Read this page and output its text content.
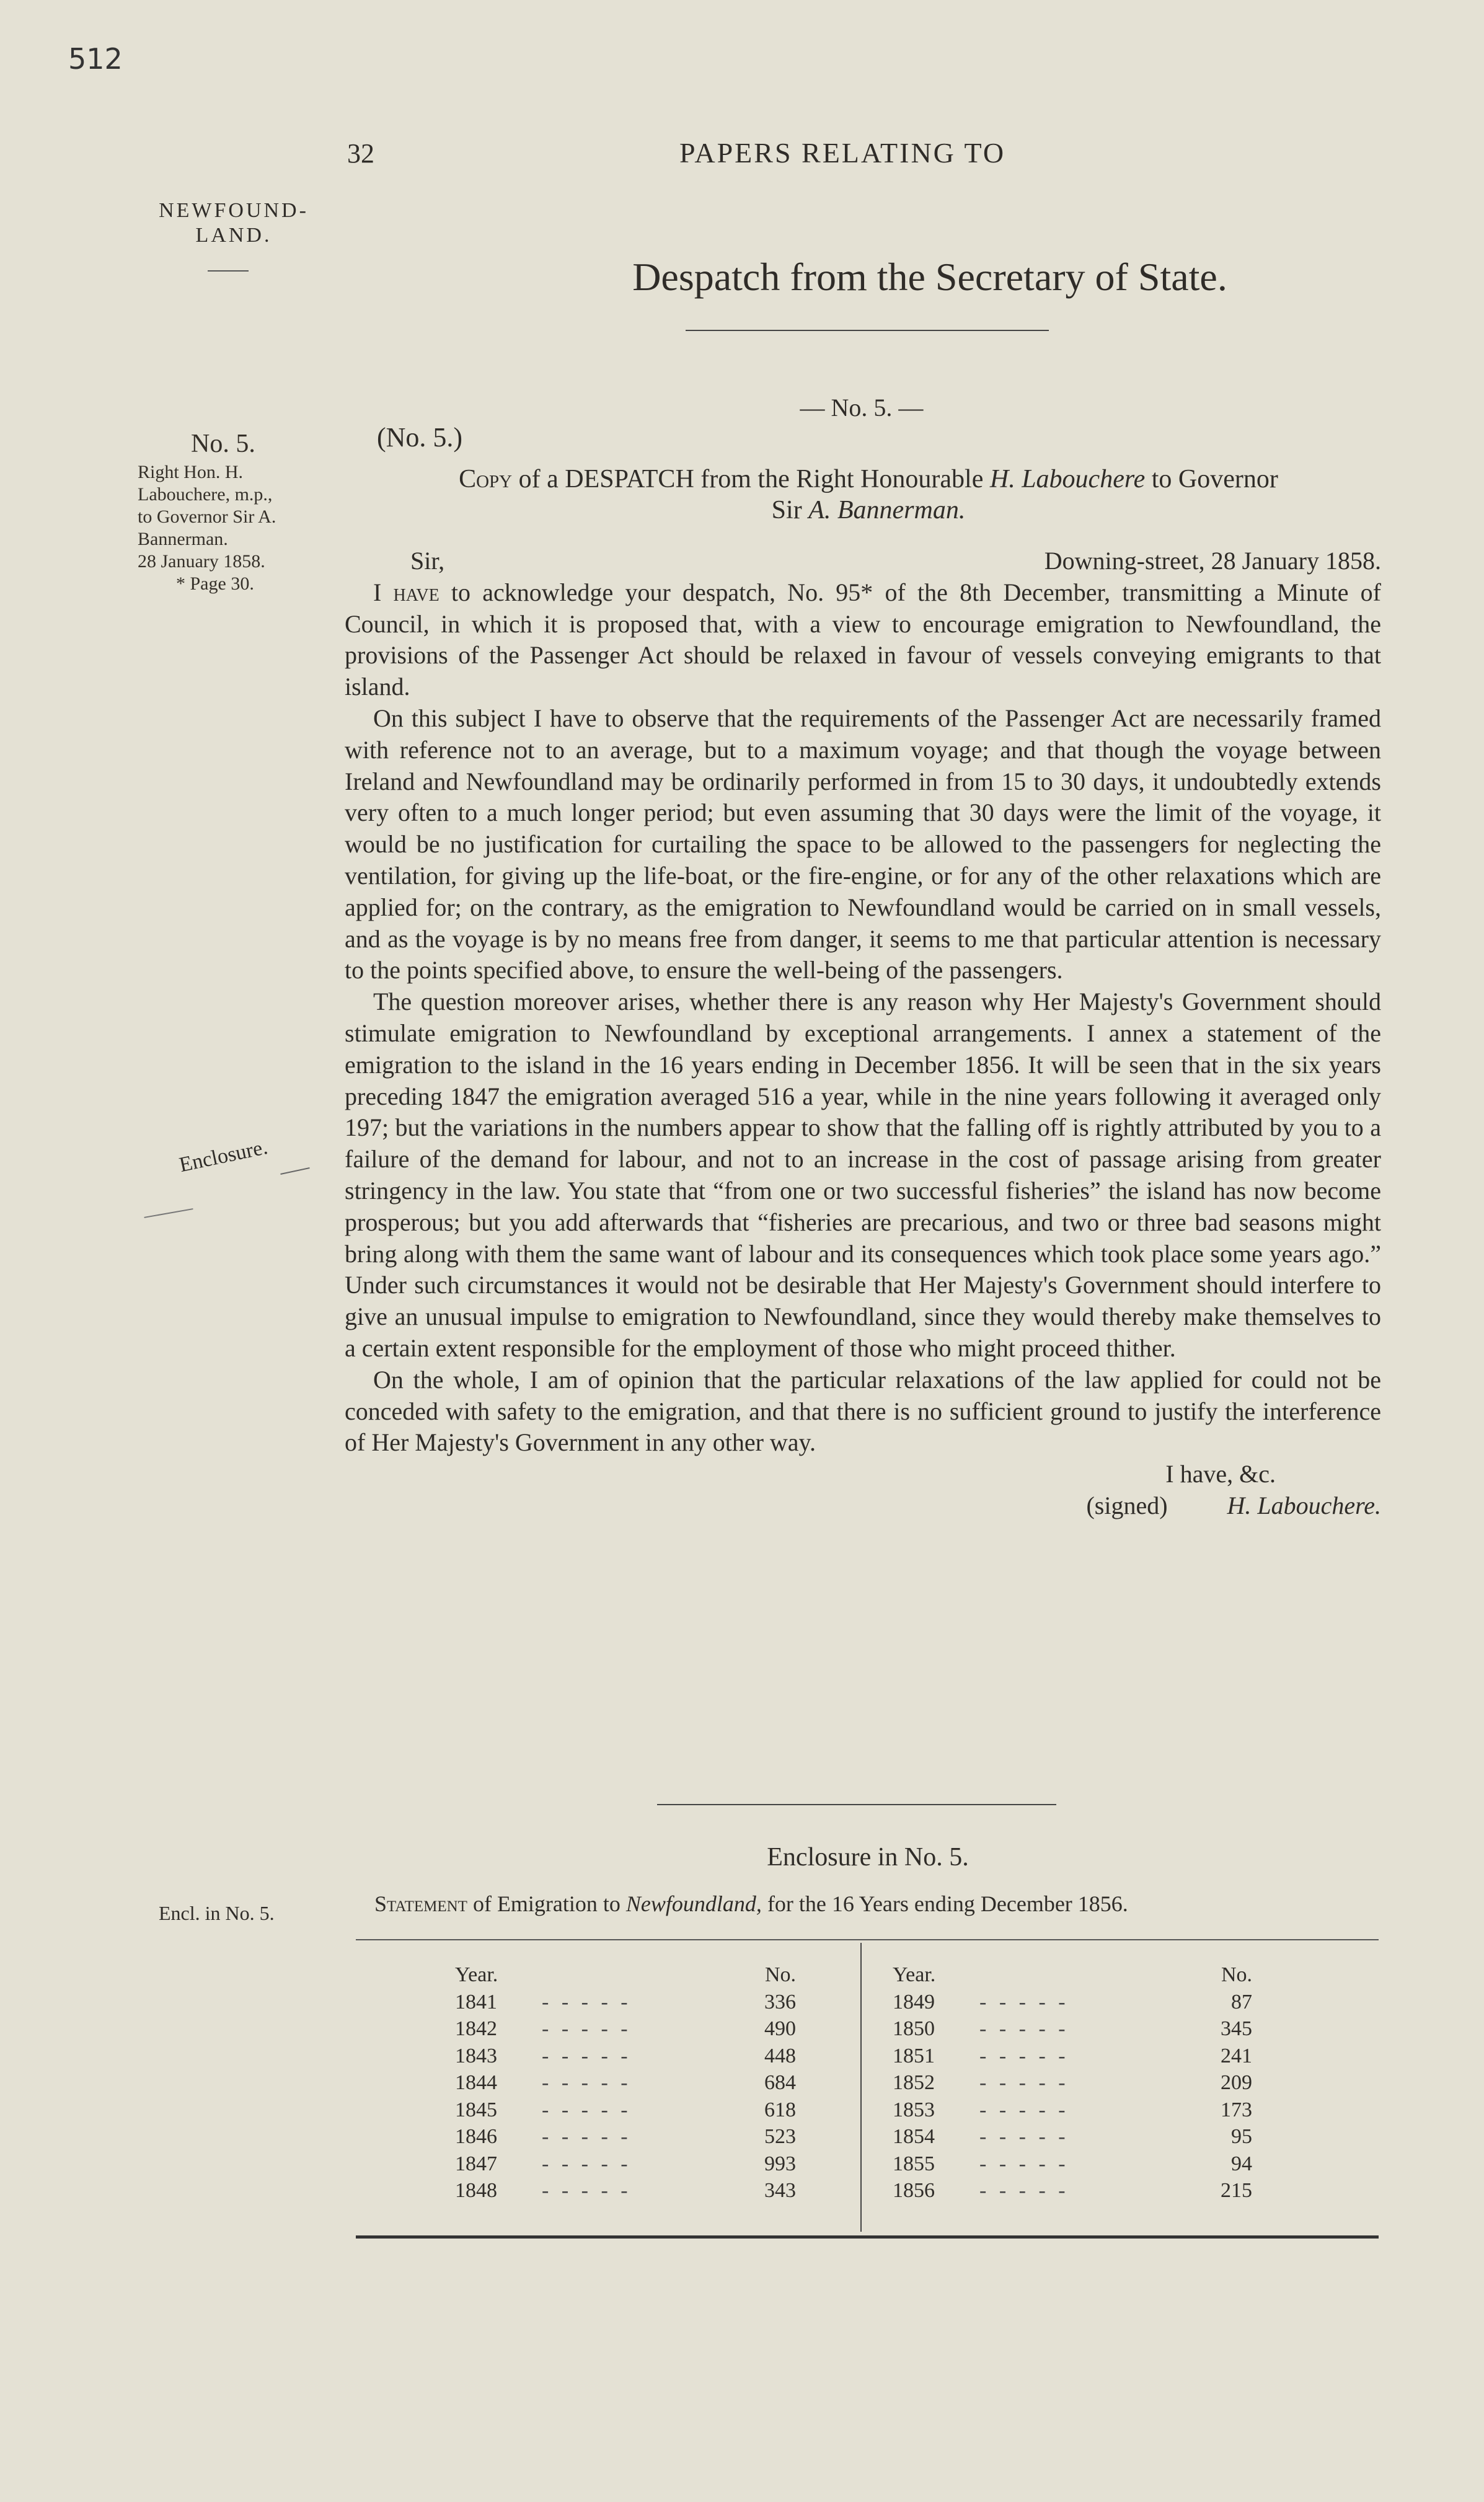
512
32	PAPERS RELATING TO
NEWFOUND-
LAND.
Despatch from the Secretary of State.
— No. 5. —
No. 5.
Right Hon. H.
Labouchere, m.p.,
to Governor Sir A.
Bannerman.
28 January 1858.
* Page 30.
Enclosure.
(No. 5.)
Copy of a DESPATCH from the Right Honourable H. Labouchere to Governor
Sir A. Bannerman.
Sir,	Downing-street, 28 January 1858.

I have to acknowledge your despatch, No. 95* of the 8th December, transmitting a Minute of Council, in which it is proposed that, with a view to encourage emigration to Newfoundland, the provisions of the Passenger Act should be relaxed in favour of vessels conveying emigrants to that island.

On this subject I have to observe that the requirements of the Passenger Act are necessarily framed with reference not to an average, but to a maximum voyage; and that though the voyage between Ireland and Newfoundland may be ordinarily performed in from 15 to 30 days, it undoubtedly extends very often to a much longer period; but even assuming that 30 days were the limit of the voyage, it would be no justification for curtailing the space to be allowed to the passengers for neglecting the ventilation, for giving up the life-boat, or the fire-engine, or for any of the other relaxations which are applied for; on the contrary, as the emigration to Newfoundland would be carried on in small vessels, and as the voyage is by no means free from danger, it seems to me that particular attention is necessary to the points specified above, to ensure the well-being of the passengers.

The question moreover arises, whether there is any reason why Her Majesty's Government should stimulate emigration to Newfoundland by exceptional arrangements. I annex a statement of the emigration to the island in the 16 years ending in December 1856. It will be seen that in the six years preceding 1847 the emigration averaged 516 a year, while in the nine years following it averaged only 197; but the variations in the numbers appear to show that the falling off is rightly attributed by you to a failure of the demand for labour, and not to an increase in the cost of passage arising from greater stringency in the law. You state that “from one or two successful fisheries” the island has now become prosperous; but you add afterwards that “fisheries are precarious, and two or three bad seasons might bring along with them the same want of labour and its consequences which took place some years ago.” Under such circumstances it would not be desirable that Her Majesty's Government should interfere to give an unusual impulse to emigration to Newfoundland, since they would thereby make themselves to a certain extent responsible for the employment of those who might proceed thither.

On the whole, I am of opinion that the particular relaxations of the law applied for could not be conceded with safety to the emigration, and that there is no sufficient ground to justify the interference of Her Majesty's Government in any other way.

I have, &c.
(signed) H. Labouchere.
Enclosure in No. 5.
Encl. in No. 5.	Statement of Emigration to Newfoundland, for the 16 Years ending December 1856.
Year.	No.
1841	- - - - -	336
1842	- - - - -	490
1843	- - - - -	448
1844	- - - - -	684
1845	- - - - -	618
1846	- - - - -	523
1847	- - - - -	993
1848	- - - - -	343
Year.	No.
1849	- - - - -	87
1850	- - - - -	345
1851	- - - - -	241
1852	- - - - -	209
1853	- - - - -	173
1854	- - - - -	95
1855	- - - - -	94
1856	- - - - -	215
